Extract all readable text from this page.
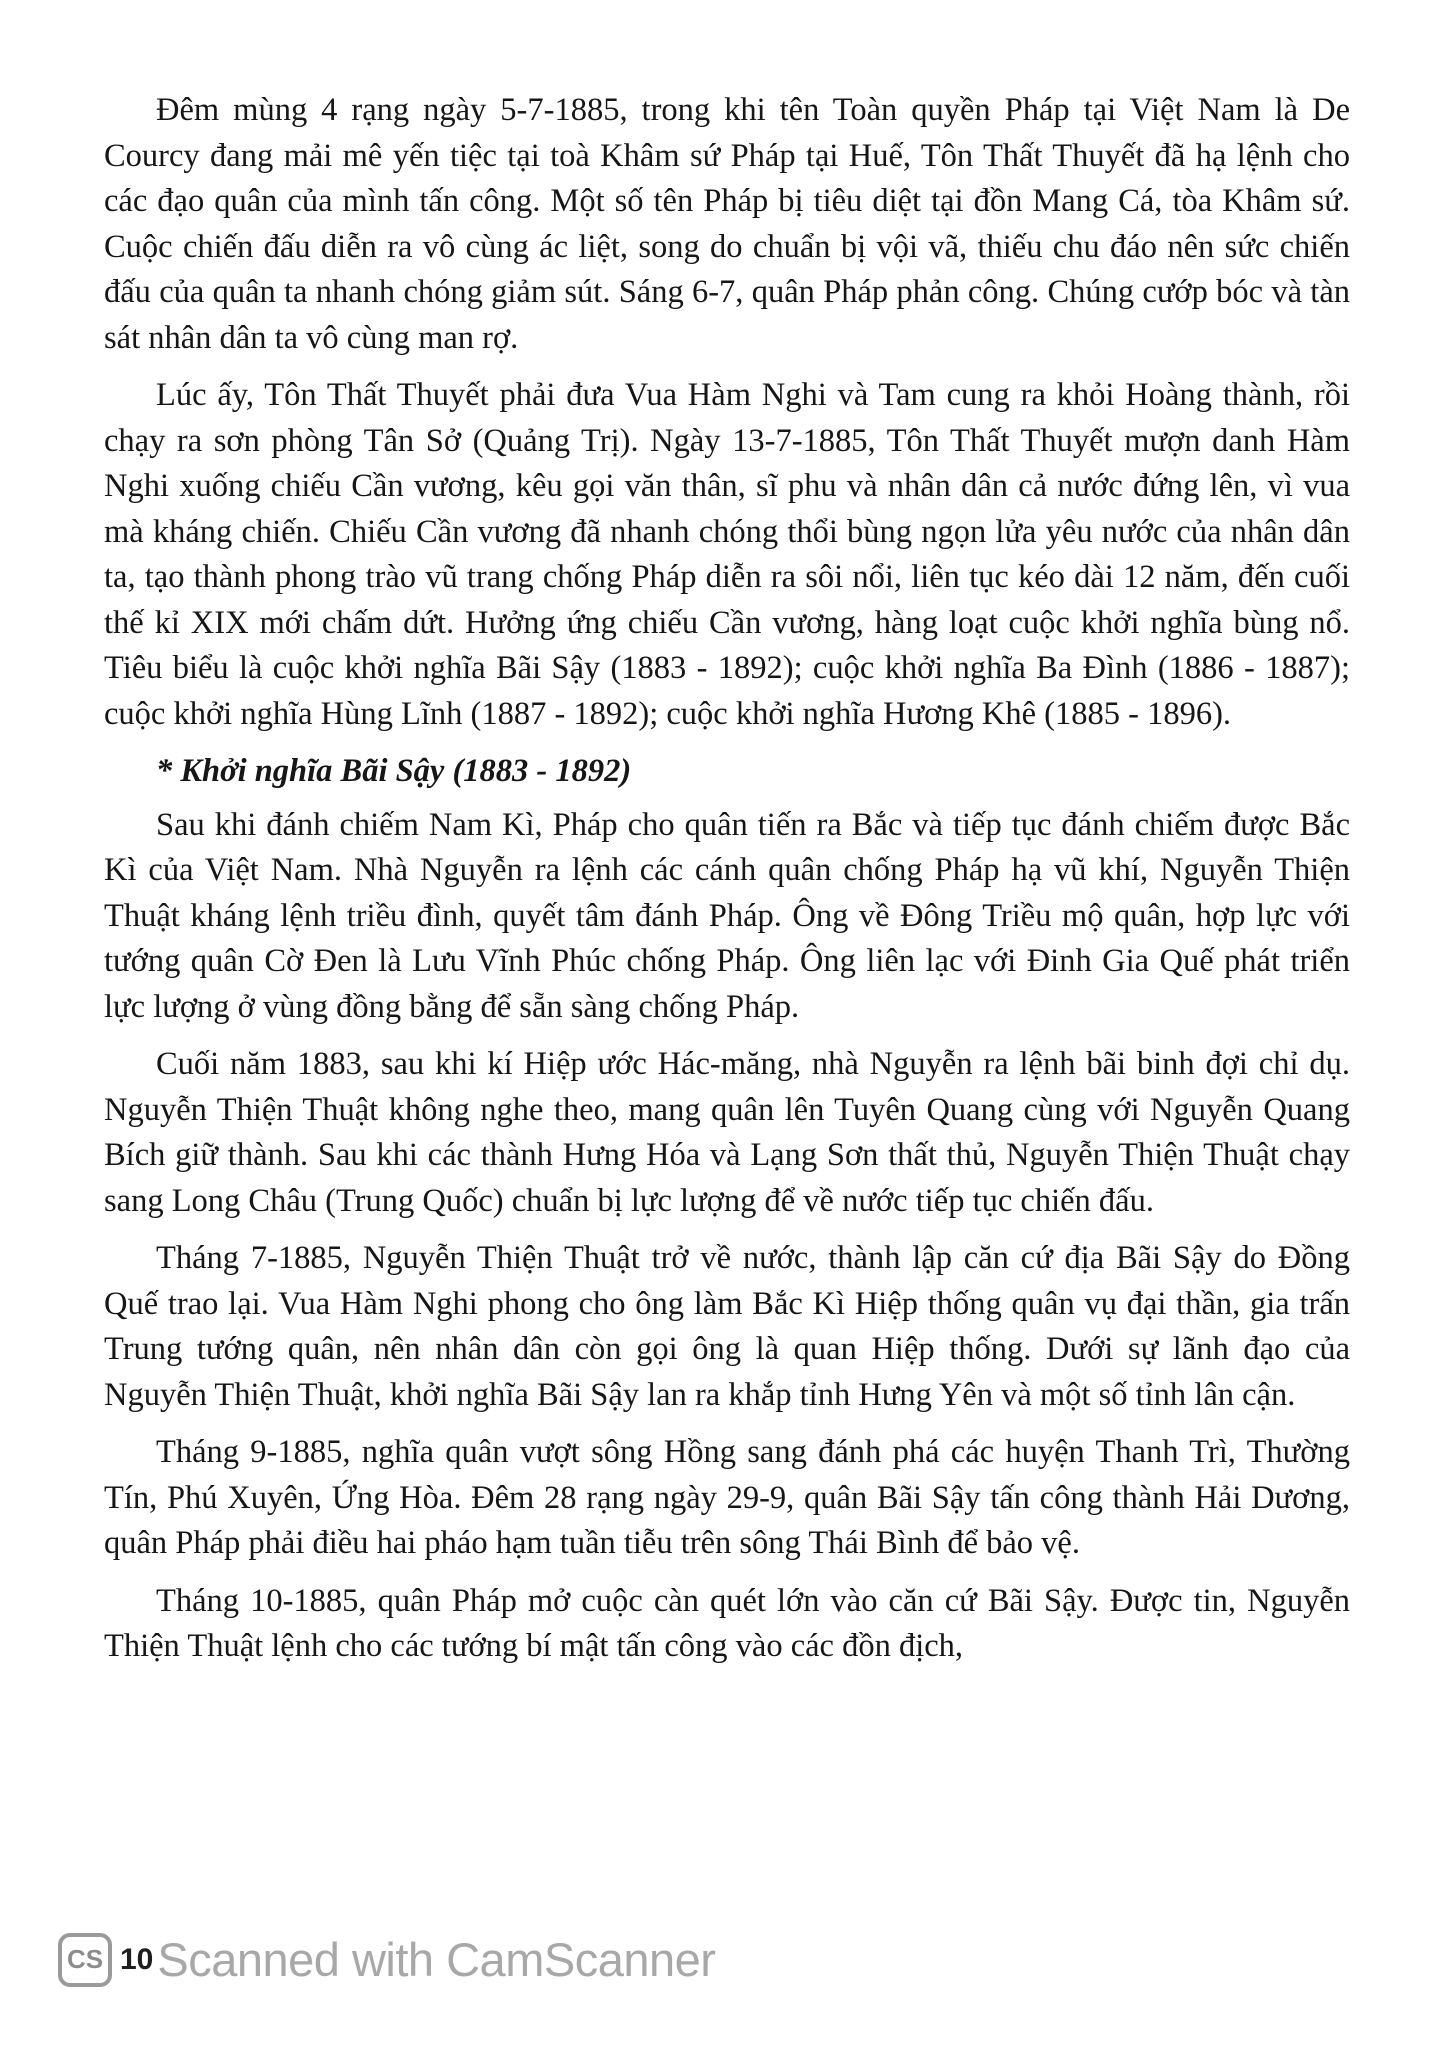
Đêm mùng 4 rạng ngày 5-7-1885, trong khi tên Toàn quyền Pháp tại Việt Nam là De Courcy đang mải mê yến tiệc tại toà Khâm sứ Pháp tại Huế, Tôn Thất Thuyết đã hạ lệnh cho các đạo quân của mình tấn công. Một số tên Pháp bị tiêu diệt tại đồn Mang Cá, tòa Khâm sứ. Cuộc chiến đấu diễn ra vô cùng ác liệt, song do chuẩn bị vội vã, thiếu chu đáo nên sức chiến đấu của quân ta nhanh chóng giảm sút. Sáng 6-7, quân Pháp phản công. Chúng cướp bóc và tàn sát nhân dân ta vô cùng man rợ.

Lúc ấy, Tôn Thất Thuyết phải đưa Vua Hàm Nghi và Tam cung ra khỏi Hoàng thành, rồi chạy ra sơn phòng Tân Sở (Quảng Trị). Ngày 13-7-1885, Tôn Thất Thuyết mượn danh Hàm Nghi xuống chiếu Cần vương, kêu gọi văn thân, sĩ phu và nhân dân cả nước đứng lên, vì vua mà kháng chiến. Chiếu Cần vương đã nhanh chóng thổi bùng ngọn lửa yêu nước của nhân dân ta, tạo thành phong trào vũ trang chống Pháp diễn ra sôi nổi, liên tục kéo dài 12 năm, đến cuối thế kỉ XIX mới chấm dứt. Hưởng ứng chiếu Cần vương, hàng loạt cuộc khởi nghĩa bùng nổ. Tiêu biểu là cuộc khởi nghĩa Bãi Sậy (1883 - 1892); cuộc khởi nghĩa Ba Đình (1886 - 1887); cuộc khởi nghĩa Hùng Lĩnh (1887 - 1892); cuộc khởi nghĩa Hương Khê (1885 - 1896).

* Khởi nghĩa Bãi Sậy (1883 - 1892)

Sau khi đánh chiếm Nam Kì, Pháp cho quân tiến ra Bắc và tiếp tục đánh chiếm được Bắc Kì của Việt Nam. Nhà Nguyễn ra lệnh các cánh quân chống Pháp hạ vũ khí, Nguyễn Thiện Thuật kháng lệnh triều đình, quyết tâm đánh Pháp. Ông về Đông Triều mộ quân, hợp lực với tướng quân Cờ Đen là Lưu Vĩnh Phúc chống Pháp. Ông liên lạc với Đinh Gia Quế phát triển lực lượng ở vùng đồng bằng để sẵn sàng chống Pháp.

Cuối năm 1883, sau khi kí Hiệp ước Hác-măng, nhà Nguyễn ra lệnh bãi binh đợi chỉ dụ. Nguyễn Thiện Thuật không nghe theo, mang quân lên Tuyên Quang cùng với Nguyễn Quang Bích giữ thành. Sau khi các thành Hưng Hóa và Lạng Sơn thất thủ, Nguyễn Thiện Thuật chạy sang Long Châu (Trung Quốc) chuẩn bị lực lượng để về nước tiếp tục chiến đấu.

Tháng 7-1885, Nguyễn Thiện Thuật trở về nước, thành lập căn cứ địa Bãi Sậy do Đồng Quế trao lại. Vua Hàm Nghi phong cho ông làm Bắc Kì Hiệp thống quân vụ đại thần, gia trấn Trung tướng quân, nên nhân dân còn gọi ông là quan Hiệp thống. Dưới sự lãnh đạo của Nguyễn Thiện Thuật, khởi nghĩa Bãi Sậy lan ra khắp tỉnh Hưng Yên và một số tỉnh lân cận.

Tháng 9-1885, nghĩa quân vượt sông Hồng sang đánh phá các huyện Thanh Trì, Thường Tín, Phú Xuyên, Ứng Hòa. Đêm 28 rạng ngày 29-9, quân Bãi Sậy tấn công thành Hải Dương, quân Pháp phải điều hai pháo hạm tuần tiễu trên sông Thái Bình để bảo vệ.

Tháng 10-1885, quân Pháp mở cuộc càn quét lớn vào căn cứ Bãi Sậy. Được tin, Nguyễn Thiện Thuật lệnh cho các tướng bí mật tấn công vào các đồn địch,

CS 10 Scanned with CamScanner
